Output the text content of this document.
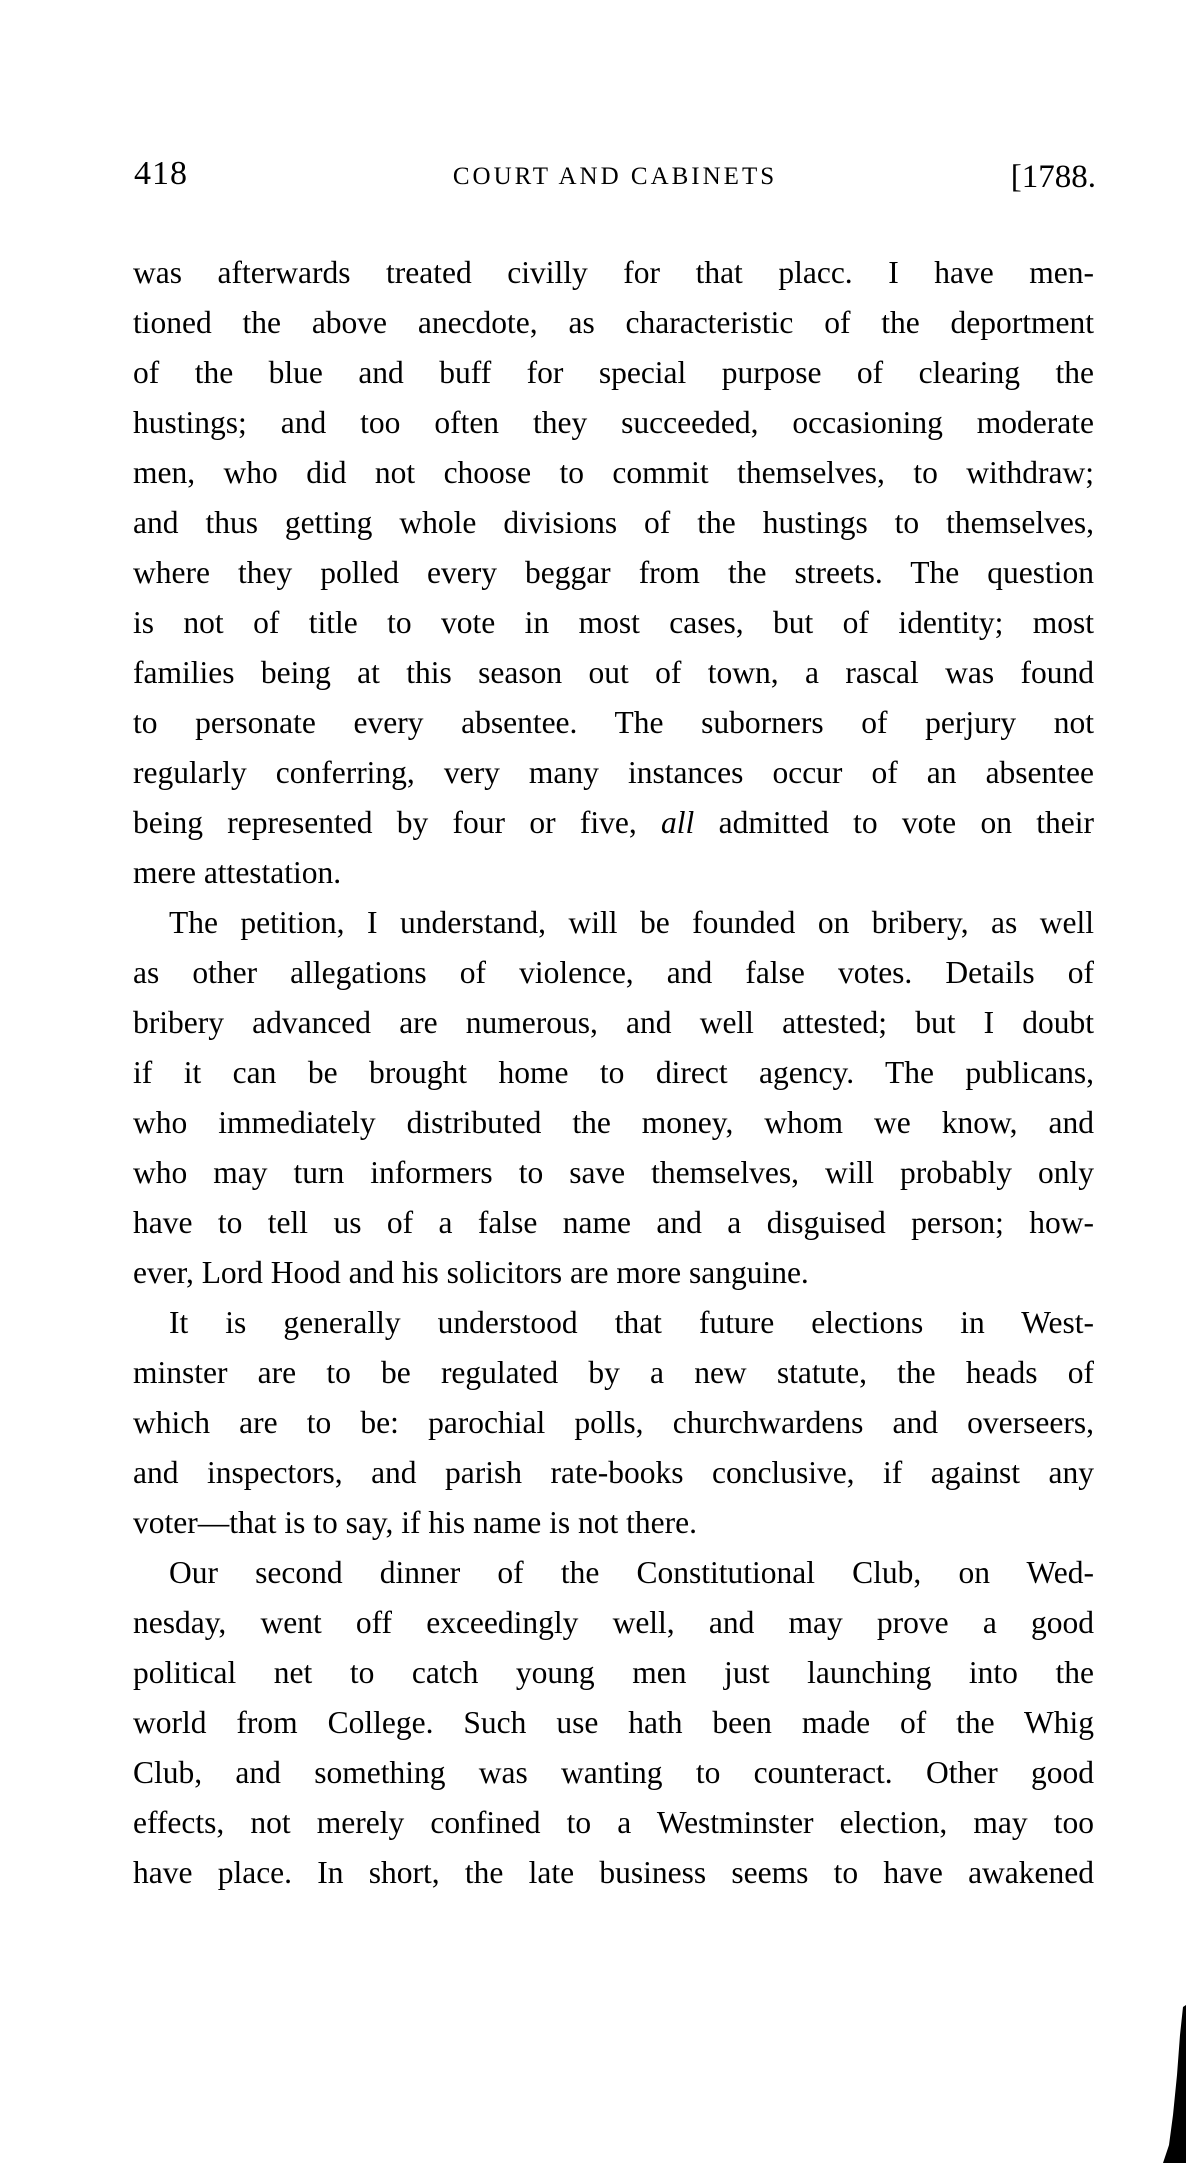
418	COURT AND CABINETS	[1788.
was afterwards treated civilly for that placc. I have men-
tioned the above anecdote, as characteristic of the deportment
of the blue and buff for special purpose of clearing the
hustings; and too often they succeeded, occasioning moderate
men, who did not choose to commit themselves, to withdraw;
and thus getting whole divisions of the hustings to themselves,
where they polled every beggar from the streets. The question
is not of title to vote in most cases, but of identity; most
families being at this season out of town, a rascal was found
to personate every absentee. The suborners of perjury not
regularly conferring, very many instances occur of an absentee
being represented by four or five, all admitted to vote on their
mere attestation.
The petition, I understand, will be founded on bribery, as well
as other allegations of violence, and false votes. Details of
bribery advanced are numerous, and well attested; but I doubt
if it can be brought home to direct agency. The publicans,
who immediately distributed the money, whom we know, and
who may turn informers to save themselves, will probably only
have to tell us of a false name and a disguised person; how-
ever, Lord Hood and his solicitors are more sanguine.
It is generally understood that future elections in West-
minster are to be regulated by a new statute, the heads of
which are to be: parochial polls, churchwardens and overseers,
and inspectors, and parish rate-books conclusive, if against any
voter—that is to say, if his name is not there.
Our second dinner of the Constitutional Club, on Wed-
nesday, went off exceedingly well, and may prove a good
political net to catch young men just launching into the
world from College. Such use hath been made of the Whig
Club, and something was wanting to counteract. Other good
effects, not merely confined to a Westminster election, may too
have place. In short, the late business seems to have awakened
